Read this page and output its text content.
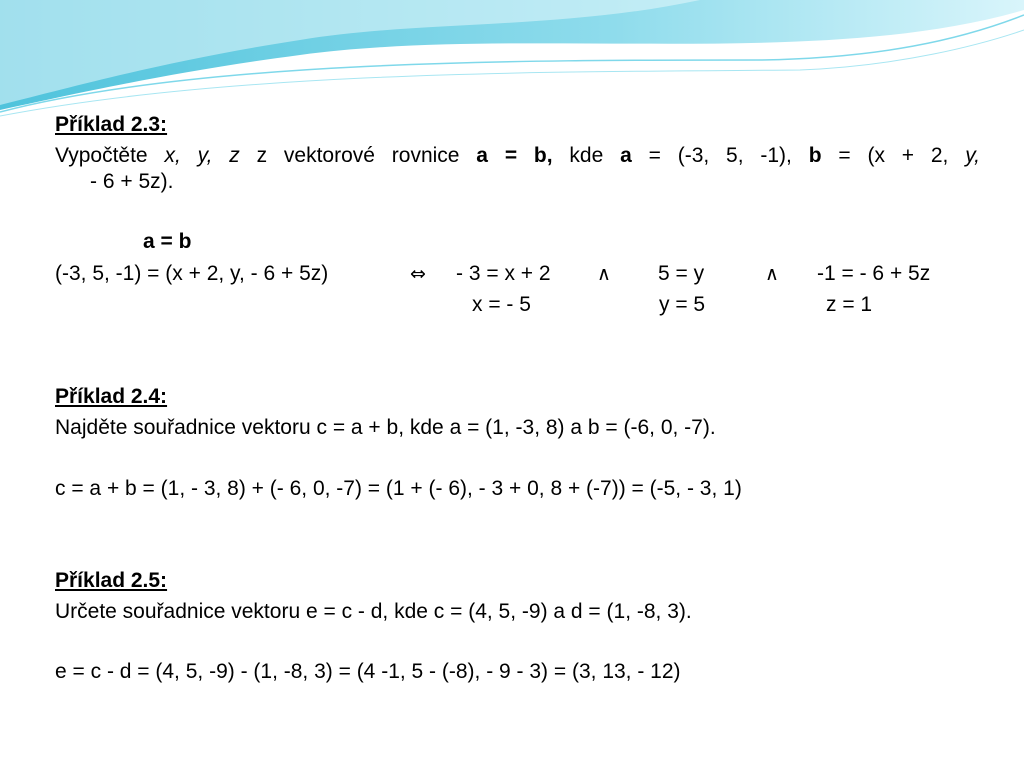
Příklad 2.3:
Vypočtěte x, y, z z vektorové rovnice a = b, kde a = (-3, 5, -1), b = (x + 2, y,
- 6 + 5z).
a = b
(-3, 5, -1) = (x + 2, y, - 6 + 5z)	⇔ - 3 = x + 2 ∧ 5 = y	∧ -1 = - 6 + 5z
x = - 5	y = 5	z = 1
Příklad 2.4:
Najděte souřadnice vektoru c = a + b, kde a = (1, -3, 8) a b = (-6, 0, -7).
c = a + b = (1, - 3, 8) + (- 6, 0, -7) = (1 + (- 6), - 3 + 0, 8 + (-7)) = (-5, - 3, 1)
Příklad 2.5:
Určete souřadnice vektoru e = c - d, kde c = (4, 5, -9) a d = (1, -8, 3).
e = c - d = (4, 5, -9) - (1, -8, 3) = (4 -1, 5 - (-8), - 9 - 3) = (3, 13, - 12)
